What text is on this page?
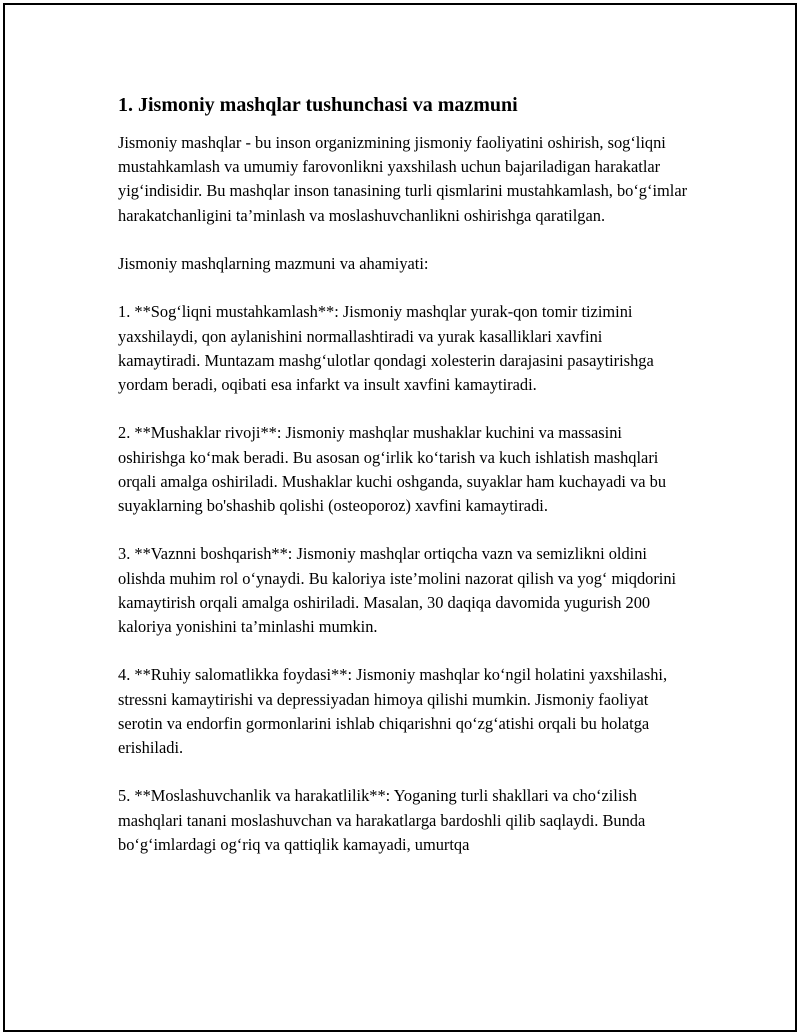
1. Jismoniy mashqlar tushunchasi va mazmuni

Jismoniy mashqlar - bu inson organizmining jismoniy faoliyatini oshirish, sog‘liqni mustahkamlash va umumiy farovonlikni yaxshilash uchun bajariladigan harakatlar yig‘indisidir. Bu mashqlar inson tanasining turli qismlarini mustahkamlash, bo‘g‘imlar harakatchanligini ta’minlash va moslashuvchanlikni oshirishga qaratilgan.

Jismoniy mashqlarning mazmuni va ahamiyati:

1. **Sog‘liqni mustahkamlash**: Jismoniy mashqlar yurak-qon tomir tizimini yaxshilaydi, qon aylanishini normallashtiradi va yurak kasalliklari xavfini kamaytiradi. Muntazam mashg‘ulotlar qondagi xolesterin darajasini pasaytirishga yordam beradi, oqibati esa infarkt va insult xavfini kamaytiradi.

2. **Mushaklar rivoji**: Jismoniy mashqlar mushaklar kuchini va massasini oshirishga ko‘mak beradi. Bu asosan og‘irlik ko‘tarish va kuch ishlatish mashqlari orqali amalga oshiriladi. Mushaklar kuchi oshganda, suyaklar ham kuchayadi va bu suyaklarning bo'shashib qolishi (osteoporoz) xavfini kamaytiradi.

3. **Vaznni boshqarish**: Jismoniy mashqlar ortiqcha vazn va semizlikni oldini olishda muhim rol o‘ynaydi. Bu kaloriya iste’molini nazorat qilish va yog‘ miqdorini kamaytirish orqali amalga oshiriladi. Masalan, 30 daqiqa davomida yugurish 200 kaloriya yonishini ta’minlashi mumkin.

4. **Ruhiy salomatlikka foydasi**: Jismoniy mashqlar ko‘ngil holatini yaxshilashi, stressni kamaytirishi va depressiyadan himoya qilishi mumkin. Jismoniy faoliyat serotin va endorfin gormonlarini ishlab chiqarishni qo‘zg‘atishi orqali bu holatga erishiladi.

5. **Moslashuvchanlik va harakatlilik**: Yoganing turli shakllari va cho‘zilish mashqlari tanani moslashuvchan va harakatlarga bardoshli qilib saqlaydi. Bunda bo‘g‘imlardagi og‘riq va qattiqlik kamayadi, umurtqa
